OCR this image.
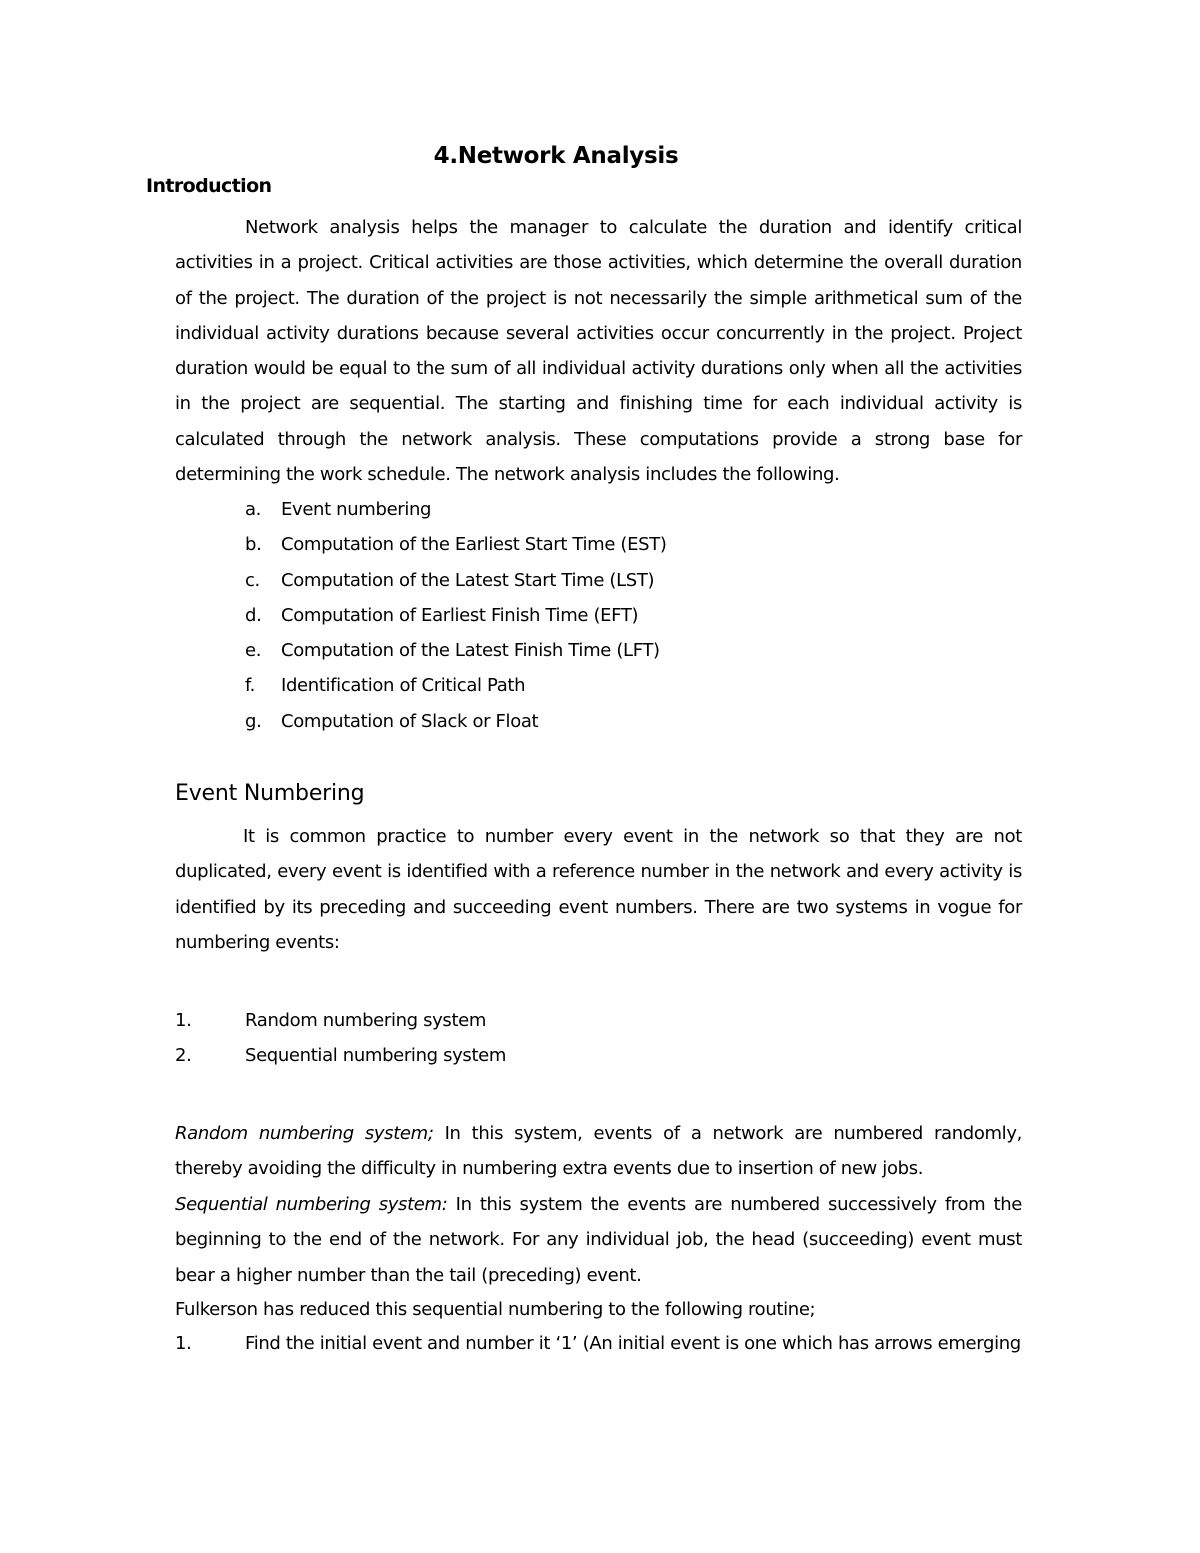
4.Network Analysis
Introduction

Network analysis helps the manager to calculate the duration and identify critical activities in a project. Critical activities are those activities, which determine the overall duration of the project. The duration of the project is not necessarily the simple arithmetical sum of the individual activity durations because several activities occur concurrently in the project. Project duration would be equal to the sum of all individual activity durations only when all the activities in the project are sequential. The starting and finishing time for each individual activity is calculated through the network analysis. These computations provide a strong base for determining the work schedule. The network analysis includes the following.

a. Event numbering
b. Computation of the Earliest Start Time (EST)
c. Computation of the Latest Start Time (LST)
d. Computation of Earliest Finish Time (EFT)
e. Computation of the Latest Finish Time (LFT)
f. Identification of Critical Path
g. Computation of Slack or Float
Event Numbering

It is common practice to number every event in the network so that they are not duplicated, every event is identified with a reference number in the network and every activity is identified by its preceding and succeeding event numbers. There are two systems in vogue for numbering events:

1.	Random numbering system
2.	Sequential numbering system

Random numbering system; In this system, events of a network are numbered randomly, thereby avoiding the difficulty in numbering extra events due to insertion of new jobs.

Sequential numbering system: In this system the events are numbered successively from the beginning to the end of the network. For any individual job, the head (succeeding) event must bear a higher number than the tail (preceding) event.

Fulkerson has reduced this sequential numbering to the following routine;

1.	Find the initial event and number it ‘1’ (An initial event is one which has arrows emerging
